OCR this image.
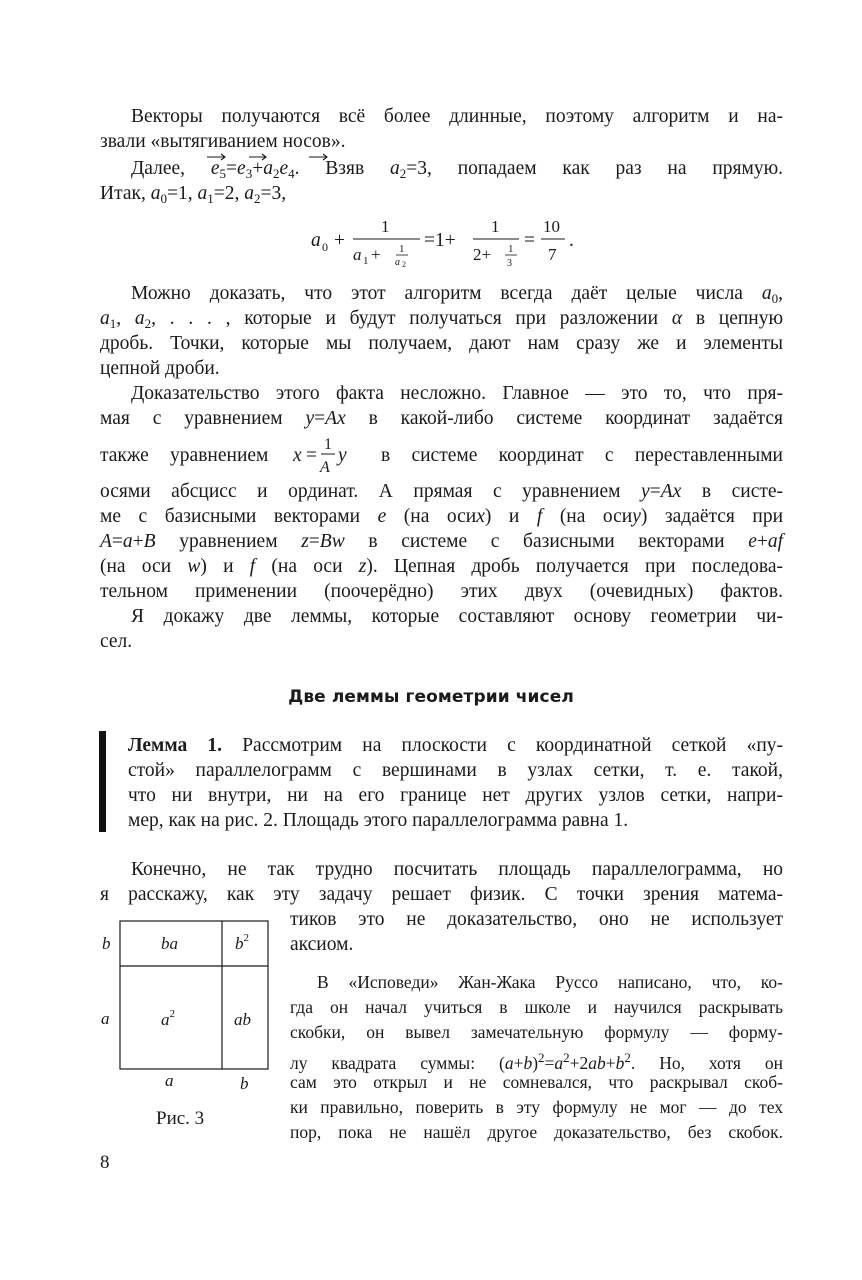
Векторы получаются всё более длинные, поэтому алгоритм и на-
звали «вытягиванием носов».
Далее, $e_5=e_3+a_2e_4$. Взяв $a_2=3$, попадаем как раз на прямую.
Итак, $a_0=1$, $a_1=2$, $a_2=3$,
a 0 +
1
a 1 + 1
a 2
=1+
1
2+ 1
3
=
10
7
.
Можно доказать, что этот алгоритм всегда даёт целые числа $a_0$,
$a_1$, $a_2$, . . . , которые и будут получаться при разложении α в цепную
дробь. Точки, которые мы получаем, дают нам сразу же и элементы
цепной дроби.
Доказательство этого факта несложно. Главное — это то, что пря-
мая с уравнением y=Ax в какой-либо системе координат задаётся
также уравнением	в системе координат с переставленными
x =
1
A
y
осями абсцисс и ординат. А прямая с уравнением y=Ax в систе-
ме с базисными векторами e (на осиx) и f (на осиy) задаётся при
A=a+B уравнением z=Bw в системе с базисными векторами e+af
(на оси w) и f (на оси z). Цепная дробь получается при последова-
тельном применении (поочерёдно) этих двух (очевидных) фактов.
Я докажу две леммы, которые составляют основу геометрии чи-
сел.
Две леммы геометрии чисел
Лемма 1. Рассмотрим на плоскости с координатной сеткой «пу-
стой» параллелограмм с вершинами в узлах сетки, т. е. такой,
что ни внутри, ни на его границе нет других узлов сетки, напри-
мер, как на рис. 2. Площадь этого параллелограмма равна 1.
Конечно, не так трудно посчитать площадь параллелограмма, но
я расскажу, как эту задачу решает физик. С точки зрения матема-
тиков это не доказательство, оно не использует
аксиом.
В «Исповеди» Жан-Жака Руссо написано, что, ко-
гда он начал учиться в школе и научился раскрывать
скобки, он вывел замечательную формулу — форму-
лу квадрата суммы: $(a+b)^2=a^2+2ab+b^2$. Но, хотя он
сам это открыл и не сомневался, что раскрывал скоб-
ки правильно, поверить в эту формулу не мог — до тех
пор, пока не нашёл другое доказательство, без скобок.
ba	$b^2$
$a^2$	ab
b
a
a	b
Рис. 3
8
